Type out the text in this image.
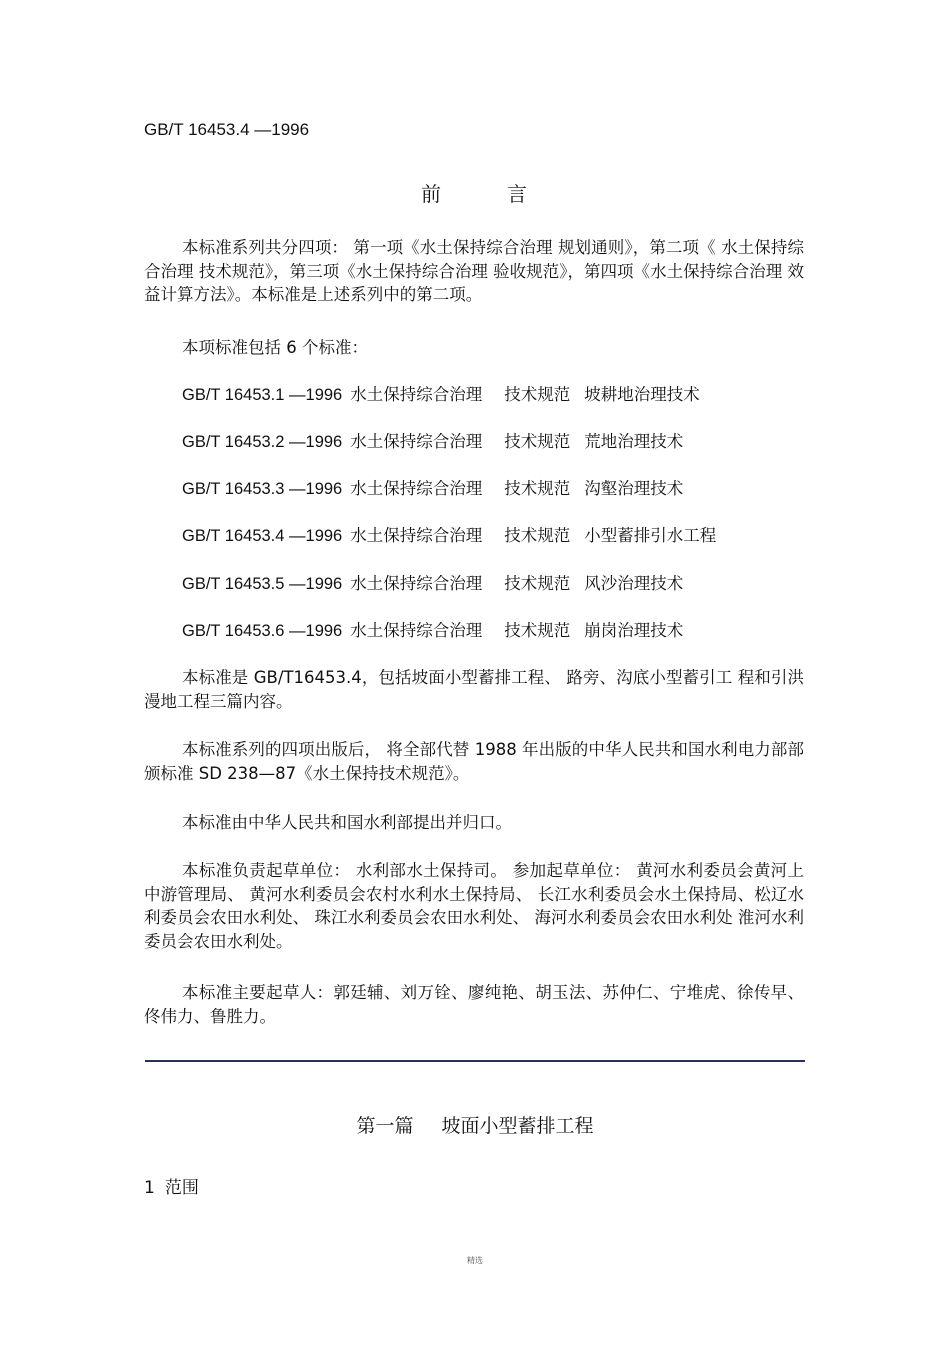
GB/T 16453.4 —1996
前	言
本标准系列共分四项： 第一项《水土保持综合治理 规划通则》，第二项《 水土保持综合治理 技术规范》，第三项《水土保持综合治理 验收规范》，第四项《水土保持综合治理 效益计算方法》。本标准是上述系列中的第二项。
本项标准包括 6 个标准：
GB/T 16453.1 —1996 水土保持综合治理 技术规范 坡耕地治理技术
GB/T 16453.2 —1996 水土保持综合治理 技术规范 荒地治理技术
GB/T 16453.3 —1996 水土保持综合治理 技术规范 沟壑治理技术
GB/T 16453.4 —1996 水土保持综合治理 技术规范 小型蓄排引水工程
GB/T 16453.5 —1996 水土保持综合治理 技术规范 风沙治理技术
GB/T 16453.6 —1996 水土保持综合治理 技术规范 崩岗治理技术
本标准是 GB/T16453.4，包括坡面小型蓄排工程、 路旁、沟底小型蓄引工 程和引洪漫地工程三篇内容。
本标准系列的四项出版后， 将全部代替 1988 年出版的中华人民共和国水利电力部部颁标准 SD 238—87《水土保持技术规范》。
本标准由中华人民共和国水利部提出并归口。
本标准负责起草单位： 水利部水土保持司。 参加起草单位： 黄河水利委员会黄河上中游管理局、 黄河水利委员会农村水利水土保持局、 长江水利委员会水土保持局、松辽水利委员会农田水利处、 珠江水利委员会农田水利处、 海河水利委员会农田水利处 淮河水利委员会农田水利处。
本标准主要起草人：郭廷辅、刘万铨、廖纯艳、胡玉法、苏仲仁、宁堆虎、徐传早、佟伟力、鲁胜力。
第一篇 坡面小型蓄排工程
1 范围
精选
